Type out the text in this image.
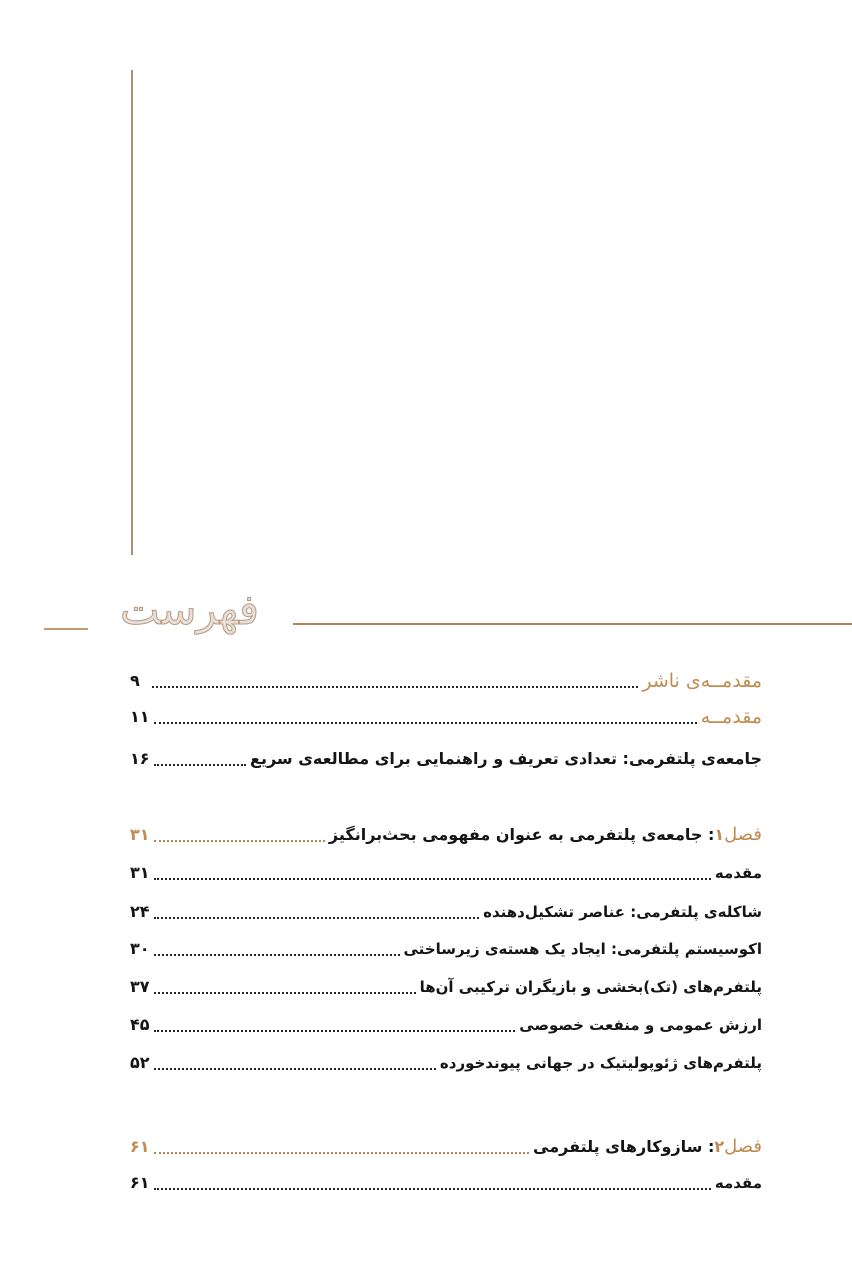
فهرست
مقدمــه‌ی ناشر
۹
مقدمــه
۱۱
جامعه‌ی پلتفرمی: تعدادی تعریف و راهنمایی برای مطالعه‌ی سریع
۱۶
فصل۱: جامعه‌ی پلتفرمی به عنوان مفهومی بحث‌برانگیز
۳۱
مقدمه
۳۱
شاکله‌ی پلتفرمی: عناصر تشکیل‌دهنده
۲۴
اکوسیستم پلتفرمی: ایجاد یک هسته‌ی زیرساختی
۳۰
پلتفرم‌های (تک)بخشی و بازیگران ترکیبی آن‌ها
۳۷
ارزش عمومی و منفعت خصوصی
۴۵
پلتفرم‌های ژئوپولیتیک در جهانی پیوندخورده
۵۲
فصل۲: سازوکارهای پلتفرمی
۶۱
مقدمه
۶۱
